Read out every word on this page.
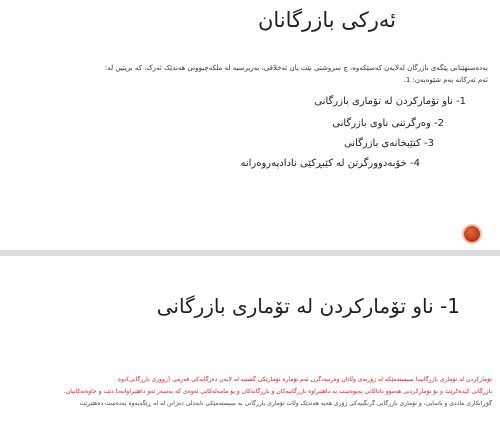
ئەرکی بازرگانان
بەدەستهێنانی پێگەی بازرگان لەلایەن کەسێکەوە، چ سروشتی بێت یان ئەخلاقی، بەرپرسیە لە ملکەچبوونی هەندێک ئەرک، کە بریتین لە:
ئەم ئەرکانە بەم شێوەیەن: 1.
1- ناو تۆمارکردن لە تۆماری بازرگانی
2- وەرگرتنی ناوی بازرگانی
3- کتێبخانەی بازرگانی
4- خۆبەدوورگرتن لە کێبڕکێی نادادپەروەرانە
1- ناو تۆمارکردن لە تۆماری بازرگانی
تۆمارکردن لە تۆماری بازرگانیدا سیستەمێکە لە زۆربەی وڵاتان وەرنیەدگرن ئەم تۆمارە تۆمارێکی گشتیە لە لایەن دەزگایەکی فەرمی (زووری بازرگانی)دوە
بازرگانی کیدەکرێت و بۆ تۆمارکردنی هەموو داتاکانی پەیوەست بە داهێنراوە بازرگانیەکان و بازرگانەکان و بۆ مامەڵەکانی ئەوەی کە بەسەر ئەو داهێنراوانەدا دێت و خاوەنەکانیان.
گۆڕانکاری ماددی و یاسایی، و تۆماری بازرگانی گرنگییەکی زۆری هەیە هەندێک وڵات تۆماری بازرگانی بە سیستەمێکی نابەدڵی دەزانن لە لە ڕێگەیەوە بەدەست دەهێنرێت
